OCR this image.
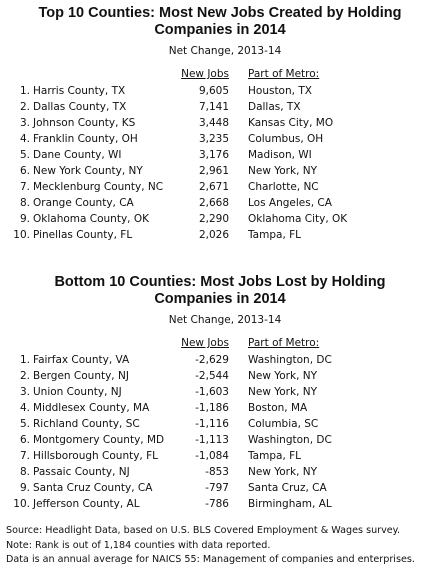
Top 10 Counties: Most New Jobs Created by Holding
Companies in 2014
Net Change, 2013-14
New Jobs Part of Metro:
1. Harris County, TX	9,605 Houston, TX
2. Dallas County, TX	7,141 Dallas, TX
3. Johnson County, KS	3,448 Kansas City, MO
4. Franklin County, OH	3,235 Columbus, OH
5. Dane County, WI	3,176 Madison, WI
6. New York County, NY	2,961 New York, NY
7. Mecklenburg County, NC	2,671 Charlotte, NC
8. Orange County, CA	2,668 Los Angeles, CA
9. Oklahoma County, OK	2,290 Oklahoma City, OK
10. Pinellas County, FL	2,026 Tampa, FL
Bottom 10 Counties: Most Jobs Lost by Holding
Companies in 2014
Net Change, 2013-14
New Jobs Part of Metro:
1. Fairfax County, VA	-2,629 Washington, DC
2. Bergen County, NJ	-2,544 New York, NY
3. Union County, NJ	-1,603 New York, NY
4. Middlesex County, MA	-1,186 Boston, MA
5. Richland County, SC	-1,116 Columbia, SC
6. Montgomery County, MD	-1,113 Washington, DC
7. Hillsborough County, FL	-1,084 Tampa, FL
8. Passaic County, NJ	-853 New York, NY
9. Santa Cruz County, CA	-797 Santa Cruz, CA
10. Jefferson County, AL	-786 Birmingham, AL
Source: Headlight Data, based on U.S. BLS Covered Employment & Wages survey.
Note: Rank is out of 1,184 counties with data reported.
Data is an annual average for NAICS 55: Management of companies and enterprises.
